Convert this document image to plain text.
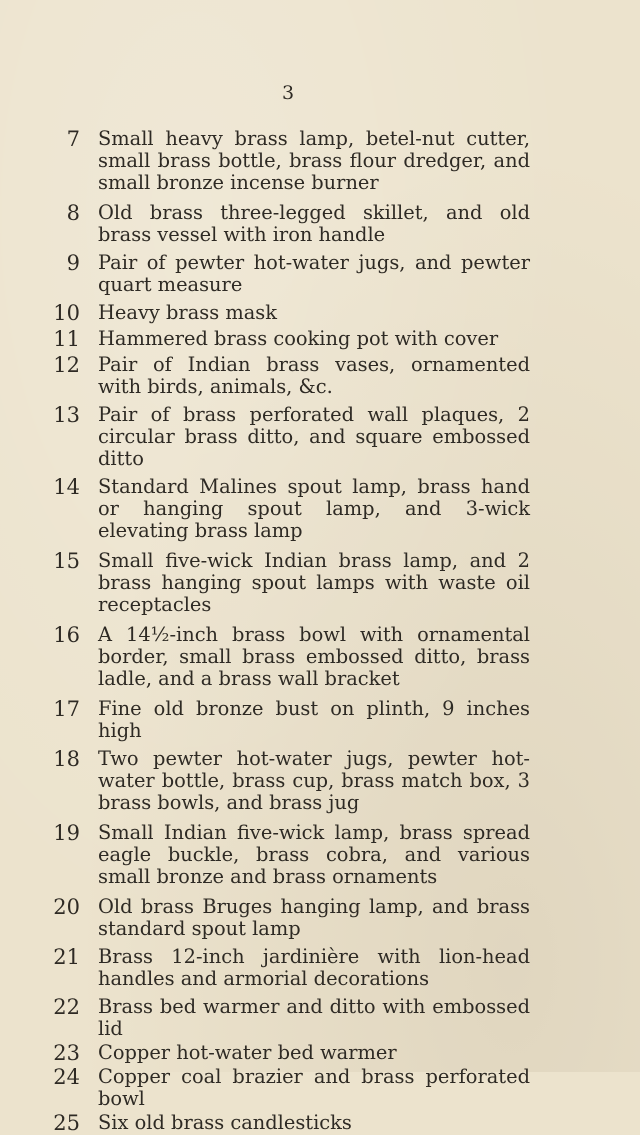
3
7 Small heavy brass lamp, betel-nut cutter, small brass bottle, brass flour dredger, and small bronze incense burner
8 Old brass three-legged skillet, and old brass vessel with iron handle
9 Pair of pewter hot-water jugs, and pewter quart measure
10 Heavy brass mask
11 Hammered brass cooking pot with cover
12 Pair of Indian brass vases, ornamented with birds, animals, &c.
13 Pair of brass perforated wall plaques, 2 circular brass ditto, and square embossed ditto
14 Standard Malines spout lamp, brass hand or hanging spout lamp, and 3-wick elevating brass lamp
15 Small five-wick Indian brass lamp, and 2 brass hanging spout lamps with waste oil receptacles
16 A 14½-inch brass bowl with ornamental border, small brass embossed ditto, brass ladle, and a brass wall bracket
17 Fine old bronze bust on plinth, 9 inches high
18 Two pewter hot-water jugs, pewter hot-water bottle, brass cup, brass match box, 3 brass bowls, and brass jug
19 Small Indian five-wick lamp, brass spread eagle buckle, brass cobra, and various small bronze and brass ornaments
20 Old brass Bruges hanging lamp, and brass standard spout lamp
21 Brass 12-inch jardinière with lion-head handles and armorial decorations
22 Brass bed warmer and ditto with embossed lid
23 Copper hot-water bed warmer
24 Copper coal brazier and brass perforated bowl
25 Six old brass candlesticks
